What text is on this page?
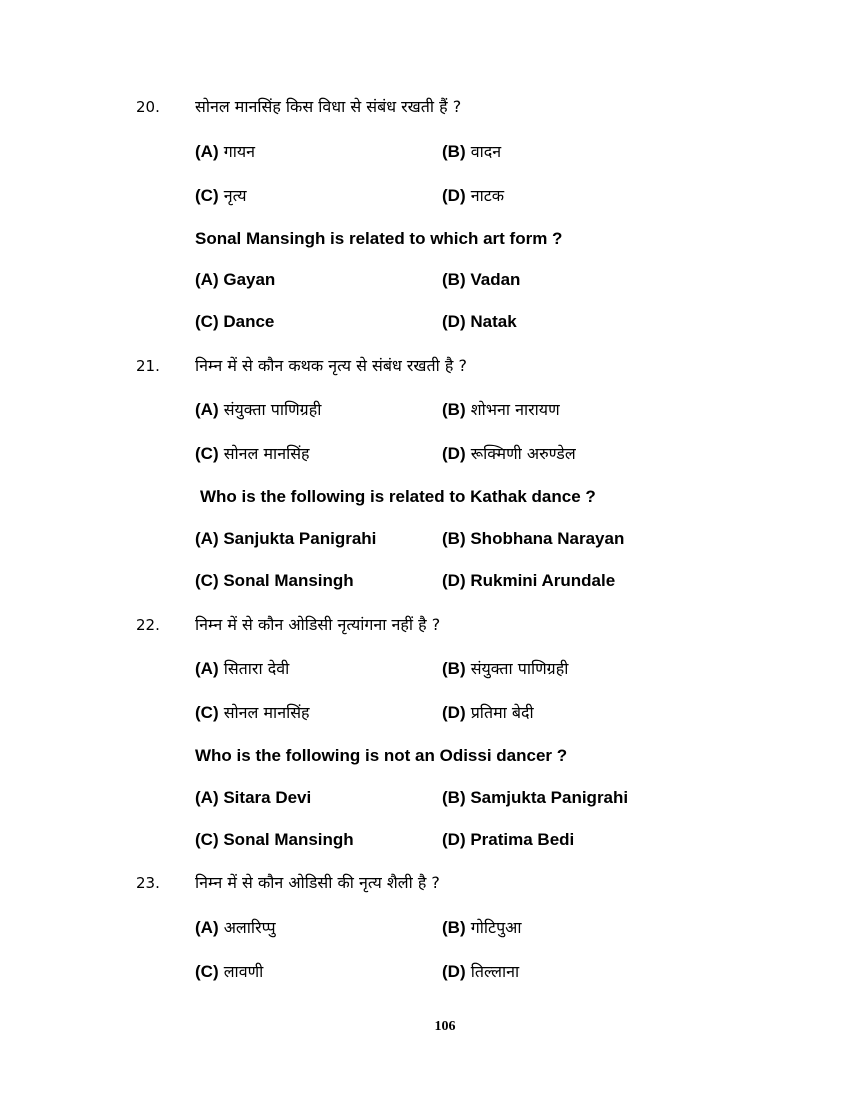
20. सोनल मानसिंह किस विधा से संबंध रखती हैं ?
(A) गायन	(B) वादन
(C) नृत्य	(D) नाटक
Sonal Mansingh is related to which art form ?
(A) Gayan	(B) Vadan
(C) Dance	(D) Natak
21. निम्न में से कौन कथक नृत्य से संबंध रखती है ?
(A) संयुक्ता पाणिग्रही	(B) शोभना नारायण
(C) सोनल मानसिंह	(D) रूक्मिणी अरुण्डेल
Who is the following is related to Kathak dance ?
(A) Sanjukta Panigrahi	(B) Shobhana Narayan
(C) Sonal Mansingh	(D) Rukmini Arundale
22. निम्न में से कौन ओडिसी नृत्यांगना नहीं है ?
(A) सितारा देवी	(B) संयुक्ता पाणिग्रही
(C) सोनल मानसिंह	(D) प्रतिमा बेदी
Who is the following is not an Odissi dancer ?
(A) Sitara Devi	(B) Samjukta Panigrahi
(C) Sonal Mansingh	(D) Pratima Bedi
23. निम्न में से कौन ओडिसी की नृत्य शैली है ?
(A) अलारिप्पु	(B) गोटिपुआ
(C) लावणी	(D) तिल्लाना
106
